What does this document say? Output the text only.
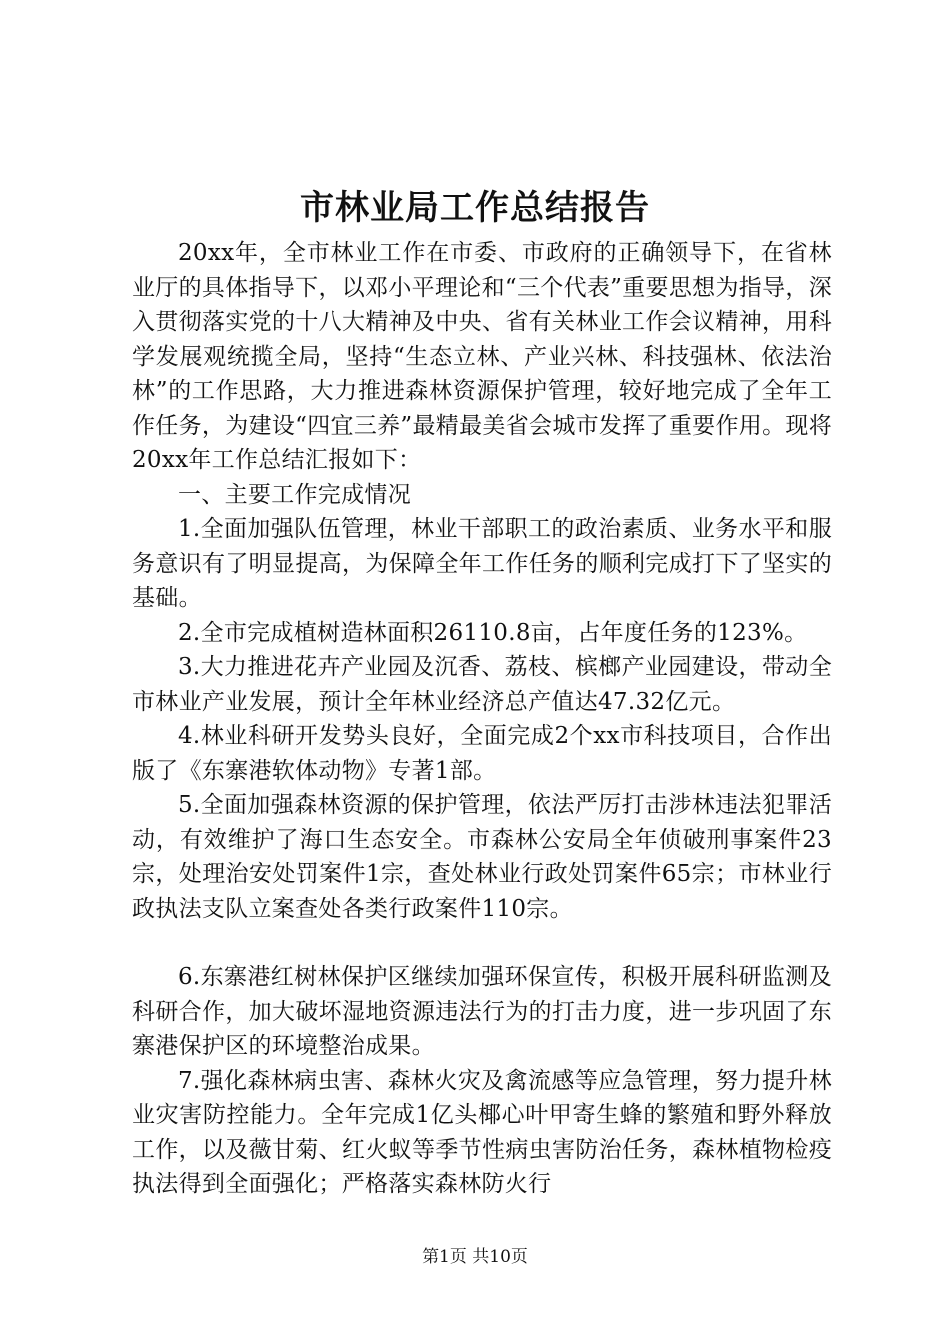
市林业局工作总结报告

20xx年，全市林业工作在市委、市政府的正确领导下，在省林业厅的具体指导下，以邓小平理论和“三个代表”重要思想为指导，深入贯彻落实党的十八大精神及中央、省有关林业工作会议精神，用科学发展观统揽全局，坚持“生态立林、产业兴林、科技强林、依法治林”的工作思路，大力推进森林资源保护管理，较好地完成了全年工作任务，为建设“四宜三养”最精最美省会城市发挥了重要作用。现将20xx年工作总结汇报如下：

一、主要工作完成情况

1.全面加强队伍管理，林业干部职工的政治素质、业务水平和服务意识有了明显提高，为保障全年工作任务的顺利完成打下了坚实的基础。

2.全市完成植树造林面积26110.8亩，占年度任务的123%。

3.大力推进花卉产业园及沉香、荔枝、槟榔产业园建设，带动全市林业产业发展，预计全年林业经济总产值达47.32亿元。

4.林业科研开发势头良好，全面完成2个xx市科技项目，合作出版了《东寨港软体动物》专著1部。

5.全面加强森林资源的保护管理，依法严厉打击涉林违法犯罪活动，有效维护了海口生态安全。市森林公安局全年侦破刑事案件23宗，处理治安处罚案件1宗，查处林业行政处罚案件65宗；市林业行政执法支队立案查处各类行政案件110宗。

6.东寨港红树林保护区继续加强环保宣传，积极开展科研监测及科研合作，加大破坏湿地资源违法行为的打击力度，进一步巩固了东寨港保护区的环境整治成果。

7.强化森林病虫害、森林火灾及禽流感等应急管理，努力提升林业灾害防控能力。全年完成1亿头椰心叶甲寄生蜂的繁殖和野外释放工作，以及薇甘菊、红火蚁等季节性病虫害防治任务，森林植物检疫执法得到全面强化；严格落实森林防火行

第1页 共10页
